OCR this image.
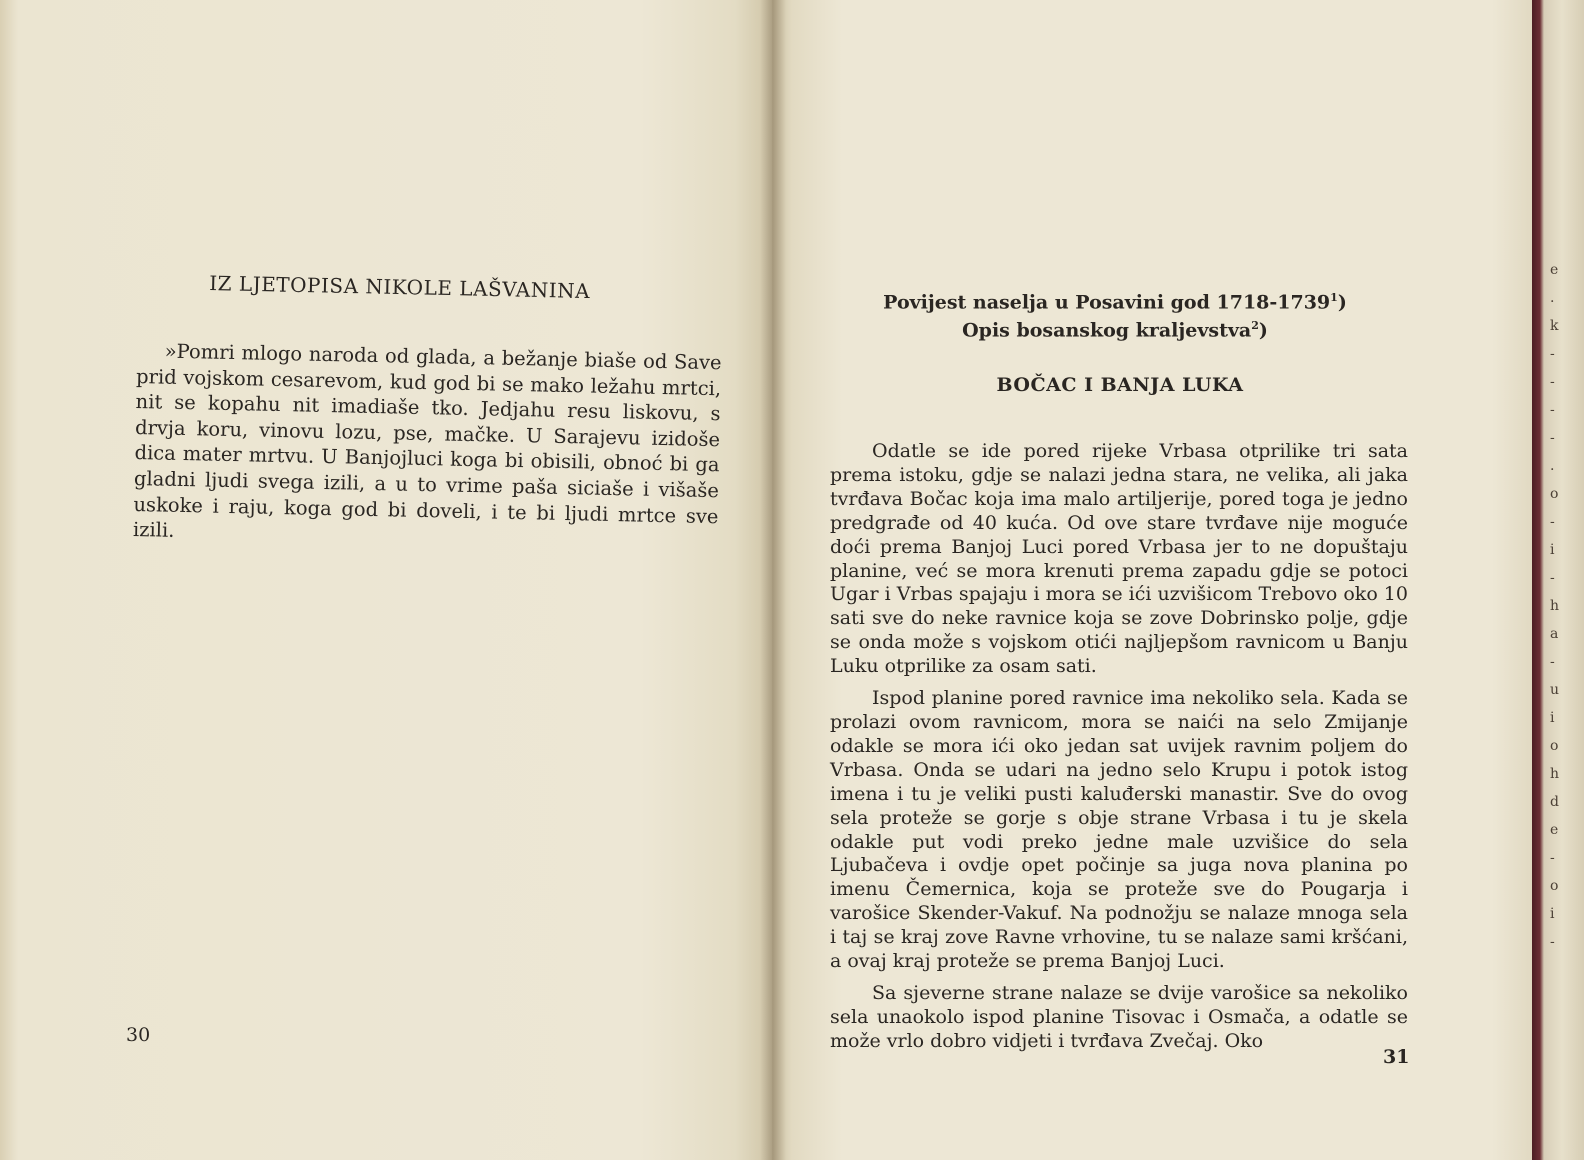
IZ LJETOPISA NIKOLE LAŠVANINA

»Pomri mlogo naroda od glada, a bežanje biaše od Save prid vojskom cesarevom, kud god bi se mako ležahu mrtci, nit se kopahu nit imadiaše tko. Jedjahu resu liskovu, s drvja koru, vinovu lozu, pse, mačke. U Sarajevu izidoše dica mater mrtvu. U Banjojluci koga bi obisili, obnoć bi ga gladni ljudi svega izili, a u to vrime paša siciaše i višaše uskoke i raju, koga god bi doveli, i te bi ljudi mrtce sve izili.

30
Povijest naselja u Posavini god 1718-1739$^1$)
Opis bosanskog kraljevstva$^2$)
BOČAC I BANJA LUKA

Odatle se ide pored rijeke Vrbasa otprilike tri sata prema istoku, gdje se nalazi jedna stara, ne velika, ali jaka tvrđava Bočac koja ima malo artiljerije, pored toga je jedno predgrađe od 40 kuća. Od ove stare tvrđave nije moguće doći prema Banjoj Luci pored Vrbasa jer to ne dopuštaju planine, već se mora krenuti prema zapadu gdje se potoci Ugar i Vrbas spajaju i mora se ići uzvišicom Trebovo oko 10 sati sve do neke ravnice koja se zove Dobrinsko polje, gdje se onda može s vojskom otići najljepšom ravnicom u Banju Luku otprilike za osam sati.

Ispod planine pored ravnice ima nekoliko sela. Kada se prolazi ovom ravnicom, mora se naići na selo Zmijanje odakle se mora ići oko jedan sat uvijek ravnim poljem do Vrbasa. Onda se udari na jedno selo Krupu i potok istog imena i tu je veliki pusti kaluđerski manastir. Sve do ovog sela proteže se gorje s obje strane Vrbasa i tu je skela odakle put vodi preko jedne male uzvišice do sela Ljubačeva i ovdje opet počinje sa juga nova planina po imenu Čemernica, koja se proteže sve do Pougarja i varošice Skender-Vakuf. Na podnožju se nalaze mnoga sela i taj se kraj zove Ravne vrhovine, tu se nalaze sami kršćani, a ovaj kraj proteže se prema Banjoj Luci.

Sa sjeverne strane nalaze se dvije varošice sa nekoliko sela unaokolo ispod planine Tisovac i Osmača, a odatle se može vrlo dobro vidjeti i tvrđava Zvečaj. Oko

31
e
.
k
-
-
-
-
.
o
-
i
-
h
a
-
u
i
o
h
d
e
-
o
i
-
